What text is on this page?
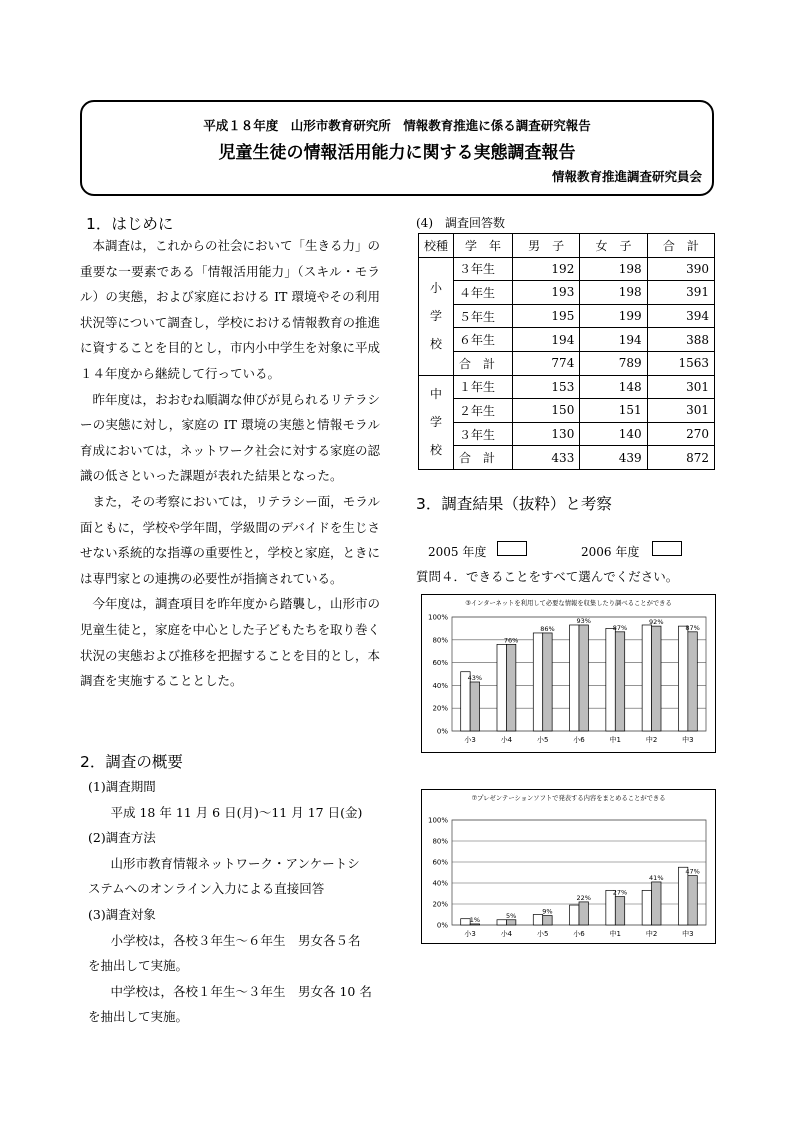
平成１８年度　山形市教育研究所　情報教育推進に係る調査研究報告
児童生徒の情報活用能力に関する実態調査報告
情報教育推進調査研究員会
1．はじめに

本調査は，これからの社会において「生きる力」の重要な一要素である「情報活用能力」（スキル・モラル）の実態，および家庭における IT 環境やその利用状況等について調査し，学校における情報教育の推進に資することを目的とし，市内小中学生を対象に平成１４年度から継続して行っている。

昨年度は，おおむね順調な伸びが見られるリテラシーの実態に対し，家庭の IT 環境の実態と情報モラル育成においては，ネットワーク社会に対する家庭の認識の低さといった課題が表れた結果となった。

また，その考察においては，リテラシー面，モラル面ともに，学校や学年間，学級間のデバイドを生じさせない系統的な指導の重要性と，学校と家庭，ときには専門家との連携の必要性が指摘されている。

今年度は，調査項目を昨年度から踏襲し，山形市の児童生徒と，家庭を中心とした子どもたちを取り巻く状況の実態および推移を把握することを目的とし，本調査を実施することとした。

2．調査の概要
(1)調査期間
　平成 18 年 11 月 6 日(月)～11 月 17 日(金)
(2)調査方法
　山形市教育情報ネットワーク・アンケートシ
ステムへのオンライン入力による直接回答
(3)調査対象
　小学校は，各校３年生～６年生　男女各５名
を抽出して実施。
　中学校は，各校１年生～３年生　男女各 10 名
を抽出して実施。
(4)　調査回答数
校種	学　年	男　子	女　子	合　計
小
学
校	３年生	192	198	390
	４年生	193	198	391
	５年生	195	199	394
	６年生	194	194	388
	合　計	774	789	1563
中
学
校	１年生	153	148	301
	２年生	150	151	301
	３年生	130	140	270
	合　計	433	439	872
3．調査結果（抜粋）と考察
2005 年度	2006 年度
質問４．できることをすべて選んでください。
③インターネットを利用して必要な情報を収集したり調べることができる
0%
20%
40%
60%
80%
100%
43%
小3
76%
小4
86%
小5
93%
小6
87%
中1
92%
中2
87%
中3
⑦プレゼンテーションソフトで発表する内容をまとめることができる
0%
20%
40%
60%
80%
100%
1%
小3
5%
小4
9%
小5
22%
小6
27%
中1
41%
中2
47%
中3
